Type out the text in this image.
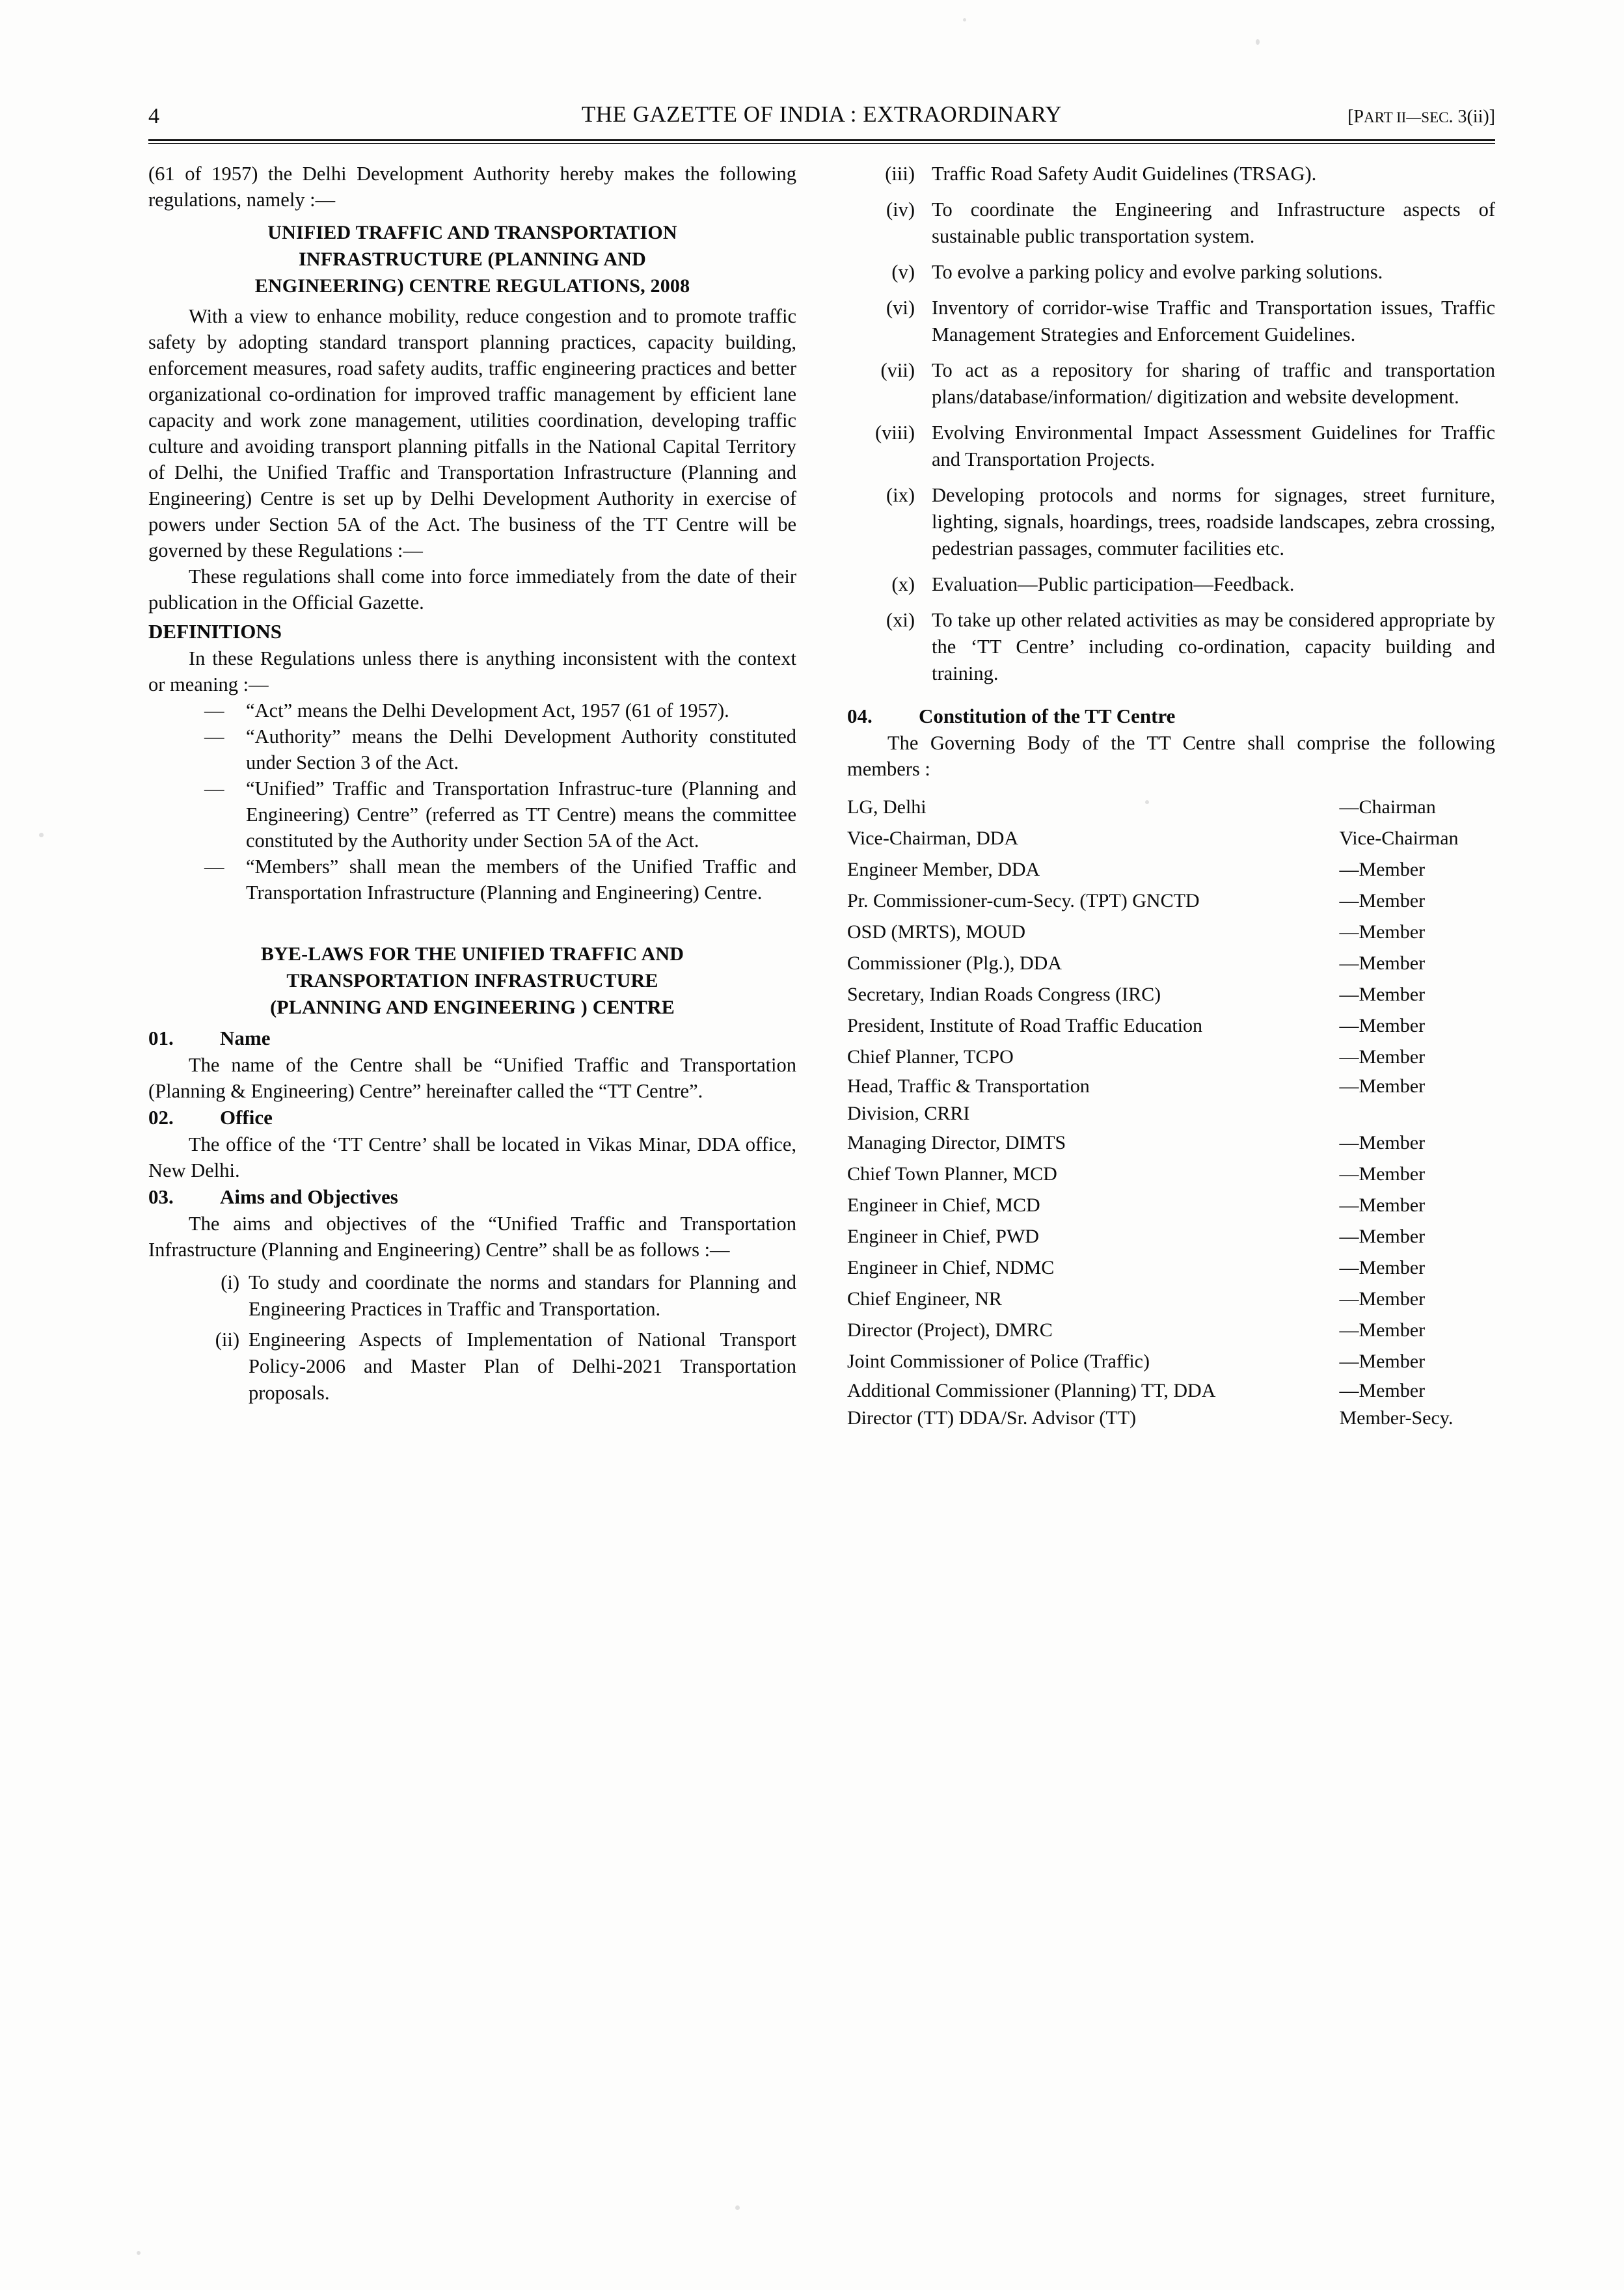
4	THE GAZETTE OF INDIA : EXTRAORDINARY	[PART II—SEC. 3(ii)]

(61 of 1957) the Delhi Development Authority hereby makes the following regulations, namely :—

UNIFIED TRAFFIC AND TRANSPORTATION
INFRASTRUCTURE (PLANNING AND
ENGINEERING) CENTRE REGULATIONS, 2008

With a view to enhance mobility, reduce congestion and to promote traffic safety by adopting standard transport planning practices, capacity building, enforcement measures, road safety audits, traffic engineering practices and better organizational co-ordination for improved traffic management by efficient lane capacity and work zone management, utilities coordination, developing traffic culture and avoiding transport planning pitfalls in the National Capital Territory of Delhi, the Unified Traffic and Transportation Infrastructure (Planning and Engineering) Centre is set up by Delhi Development Authority in exercise of powers under Section 5A of the Act. The business of the TT Centre will be governed by these Regulations :—

These regulations shall come into force immediately from the date of their publication in the Official Gazette.

DEFINITIONS

In these Regulations unless there is anything inconsistent with the context or meaning :—

— “Act” means the Delhi Development Act, 1957 (61 of 1957).
— “Authority” means the Delhi Development Authority constituted under Section 3 of the Act.
— “Unified” Traffic and Transportation Infrastruc-ture (Planning and Engineering) Centre” (referred as TT Centre) means the committee constituted by the Authority under Section 5A of the Act.
— “Members” shall mean the members of the Unified Traffic and Transportation Infrastructure (Planning and Engineering) Centre.
BYE-LAWS FOR THE UNIFIED TRAFFIC AND
TRANSPORTATION INFRASTRUCTURE
(PLANNING AND ENGINEERING ) CENTRE
01. Name

The name of the Centre shall be “Unified Traffic and Transportation (Planning & Engineering) Centre” hereinafter called the “TT Centre”.

02. Office

The office of the ‘TT Centre’ shall be located in Vikas Minar, DDA office, New Delhi.

03. Aims and Objectives

The aims and objectives of the “Unified Traffic and Transportation Infrastructure (Planning and Engineering) Centre” shall be as follows :—

(i) To study and coordinate the norms and standars for Planning and Engineering Practices in Traffic and Transportation.
(ii) Engineering Aspects of Implementation of National Transport Policy-2006 and Master Plan of Delhi-2021 Transportation proposals.
(iii) Traffic Road Safety Audit Guidelines (TRSAG).
(iv) To coordinate the Engineering and Infrastructure aspects of sustainable public transportation system.
(v) To evolve a parking policy and evolve parking solutions.
(vi) Inventory of corridor-wise Traffic and Transportation issues, Traffic Management Strategies and Enforcement Guidelines.
(vii) To act as a repository for sharing of traffic and transportation plans/database/information/ digitization and website development.
(viii) Evolving Environmental Impact Assessment Guidelines for Traffic and Transportation Projects.
(ix) Developing protocols and norms for signages, street furniture, lighting, signals, hoardings, trees, roadside landscapes, zebra crossing, pedestrian passages, commuter facilities etc.
(x) Evaluation—Public participation—Feedback.
(xi) To take up other related activities as may be considered appropriate by the ‘TT Centre’ including co-ordination, capacity building and training.
04. Constitution of the TT Centre

The Governing Body of the TT Centre shall comprise the following members :

LG, Delhi	—Chairman
Vice-Chairman, DDA	Vice-Chairman
Engineer Member, DDA	—Member
Pr. Commissioner-cum-Secy. (TPT) GNCTD	—Member
OSD (MRTS), MOUD	—Member
Commissioner (Plg.), DDA	—Member
Secretary, Indian Roads Congress (IRC)	—Member
President, Institute of Road Traffic Education	—Member
Chief Planner, TCPO	—Member
Head, Traffic & Transportation	—Member
Division, CRRI	
Managing Director, DIMTS	—Member
Chief Town Planner, MCD	—Member
Engineer in Chief, MCD	—Member
Engineer in Chief, PWD	—Member
Engineer in Chief, NDMC	—Member
Chief Engineer, NR	—Member
Director (Project), DMRC	—Member
Joint Commissioner of Police (Traffic)	—Member
Additional Commissioner (Planning) TT, DDA	—Member
Director (TT) DDA/Sr. Advisor (TT)	Member-Secy.
